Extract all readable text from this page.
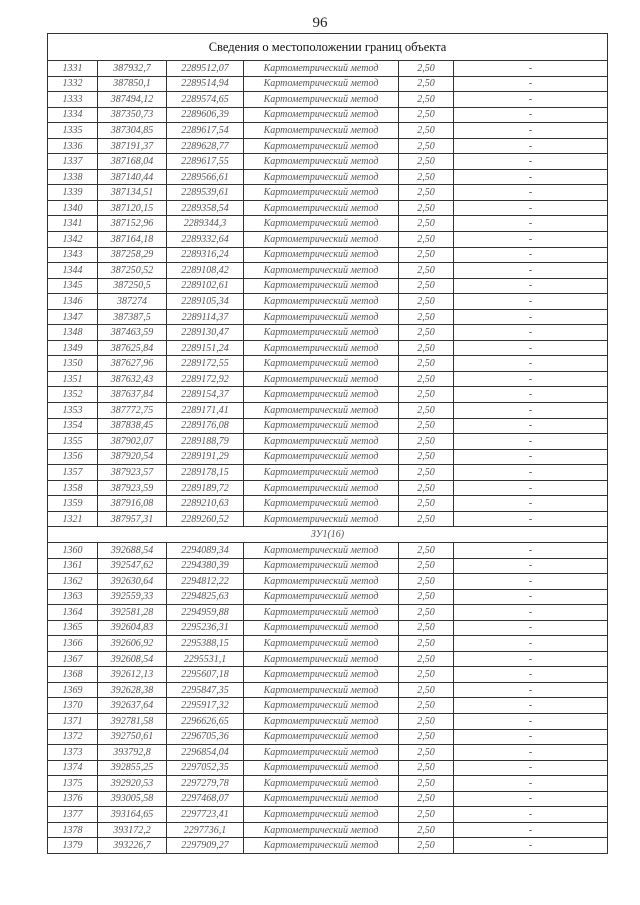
96
Сведения о местоположении границ объекта					
1331	387932,7	2289512,07	Картометрический метод	2,50	-
1332	387850,1	2289514,94	Картометрический метод	2,50	-
1333	387494,12	2289574,65	Картометрический метод	2,50	-
1334	387350,73	2289606,39	Картометрический метод	2,50	-
1335	387304,85	2289617,54	Картометрический метод	2,50	-
1336	387191,37	2289628,77	Картометрический метод	2,50	-
1337	387168,04	2289617,55	Картометрический метод	2,50	-
1338	387140,44	2289566,61	Картометрический метод	2,50	-
1339	387134,51	2289539,61	Картометрический метод	2,50	-
1340	387120,15	2289358,54	Картометрический метод	2,50	-
1341	387152,96	2289344,3	Картометрический метод	2,50	-
1342	387164,18	2289332,64	Картометрический метод	2,50	-
1343	387258,29	2289316,24	Картометрический метод	2,50	-
1344	387250,52	2289108,42	Картометрический метод	2,50	-
1345	387250,5	2289102,61	Картометрический метод	2,50	-
1346	387274	2289105,34	Картометрический метод	2,50	-
1347	387387,5	2289114,37	Картометрический метод	2,50	-
1348	387463,59	2289130,47	Картометрический метод	2,50	-
1349	387625,84	2289151,24	Картометрический метод	2,50	-
1350	387627,96	2289172,55	Картометрический метод	2,50	-
1351	387632,43	2289172,92	Картометрический метод	2,50	-
1352	387637,84	2289154,37	Картометрический метод	2,50	-
1353	387772,75	2289171,41	Картометрический метод	2,50	-
1354	387838,45	2289176,08	Картометрический метод	2,50	-
1355	387902,07	2289188,79	Картометрический метод	2,50	-
1356	387920,54	2289191,29	Картометрический метод	2,50	-
1357	387923,57	2289178,15	Картометрический метод	2,50	-
1358	387923,59	2289189,72	Картометрический метод	2,50	-
1359	387916,08	2289210,63	Картометрический метод	2,50	-
1321	387957,31	2289260,52	Картометрический метод	2,50	-
ЗУ1(16)					
1360	392688,54	2294089,34	Картометрический метод	2,50	-
1361	392547,62	2294380,39	Картометрический метод	2,50	-
1362	392630,64	2294812,22	Картометрический метод	2,50	-
1363	392559,33	2294825,63	Картометрический метод	2,50	-
1364	392581,28	2294959,88	Картометрический метод	2,50	-
1365	392604,83	2295236,31	Картометрический метод	2,50	-
1366	392606,92	2295388,15	Картометрический метод	2,50	-
1367	392608,54	2295531,1	Картометрический метод	2,50	-
1368	392612,13	2295607,18	Картометрический метод	2,50	-
1369	392628,38	2295847,35	Картометрический метод	2,50	-
1370	392637,64	2295917,32	Картометрический метод	2,50	-
1371	392781,58	2296626,65	Картометрический метод	2,50	-
1372	392750,61	2296705,36	Картометрический метод	2,50	-
1373	393792,8	2296854,04	Картометрический метод	2,50	-
1374	392855,25	2297052,35	Картометрический метод	2,50	-
1375	392920,53	2297279,78	Картометрический метод	2,50	-
1376	393005,58	2297468,07	Картометрический метод	2,50	-
1377	393164,65	2297723,41	Картометрический метод	2,50	-
1378	393172,2	2297736,1	Картометрический метод	2,50	-
1379	393226,7	2297909,27	Картометрический метод	2,50	-
